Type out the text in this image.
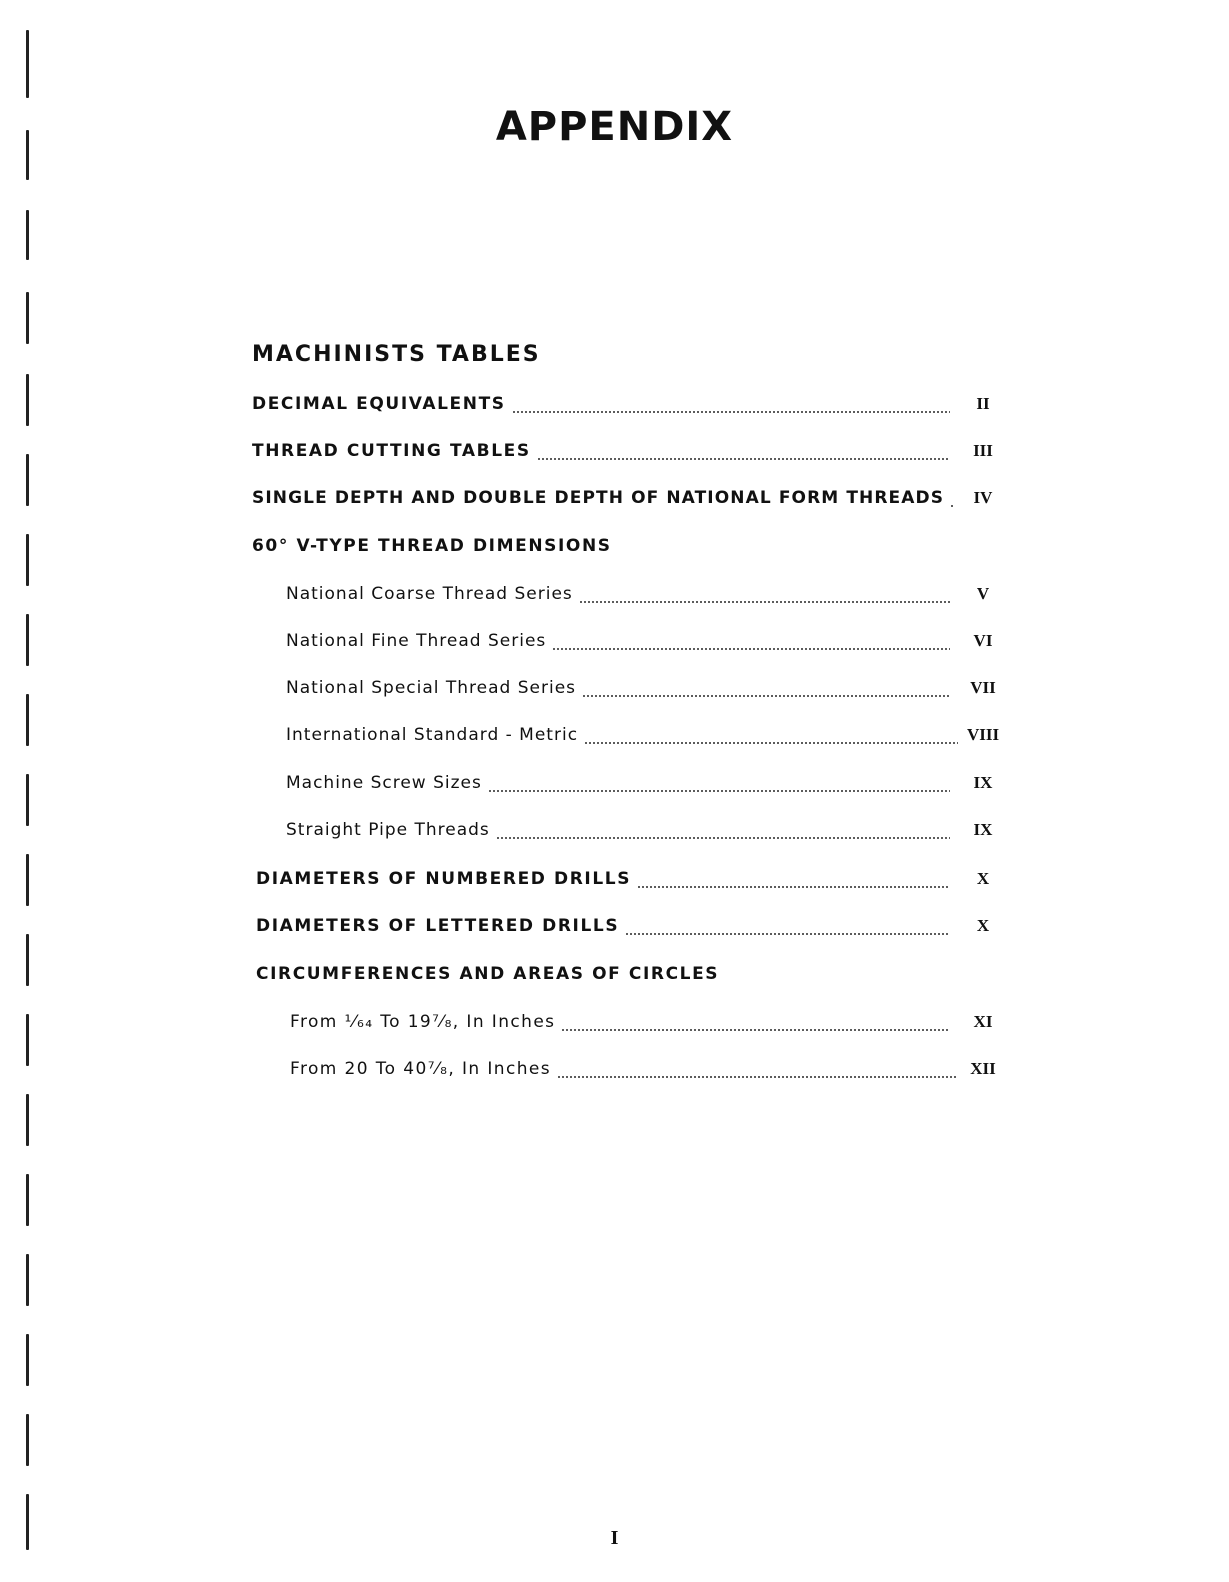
APPENDIX
MACHINISTS TABLES
DECIMAL EQUIVALENTS	II
THREAD CUTTING TABLES	III
SINGLE DEPTH AND DOUBLE DEPTH OF NATIONAL FORM THREADS	IV
60° V-TYPE THREAD DIMENSIONS
National Coarse Thread Series	V
National Fine Thread Series	VI
National Special Thread Series	VII
International Standard - Metric	VIII
Machine Screw Sizes	IX
Straight Pipe Threads	IX
DIAMETERS OF NUMBERED DRILLS	X
DIAMETERS OF LETTERED DRILLS	X
CIRCUMFERENCES AND AREAS OF CIRCLES
From ¹⁄₆₄ To 19⁷⁄₈, In Inches	XI
From 20 To 40⁷⁄₈, In Inches	XII
I
